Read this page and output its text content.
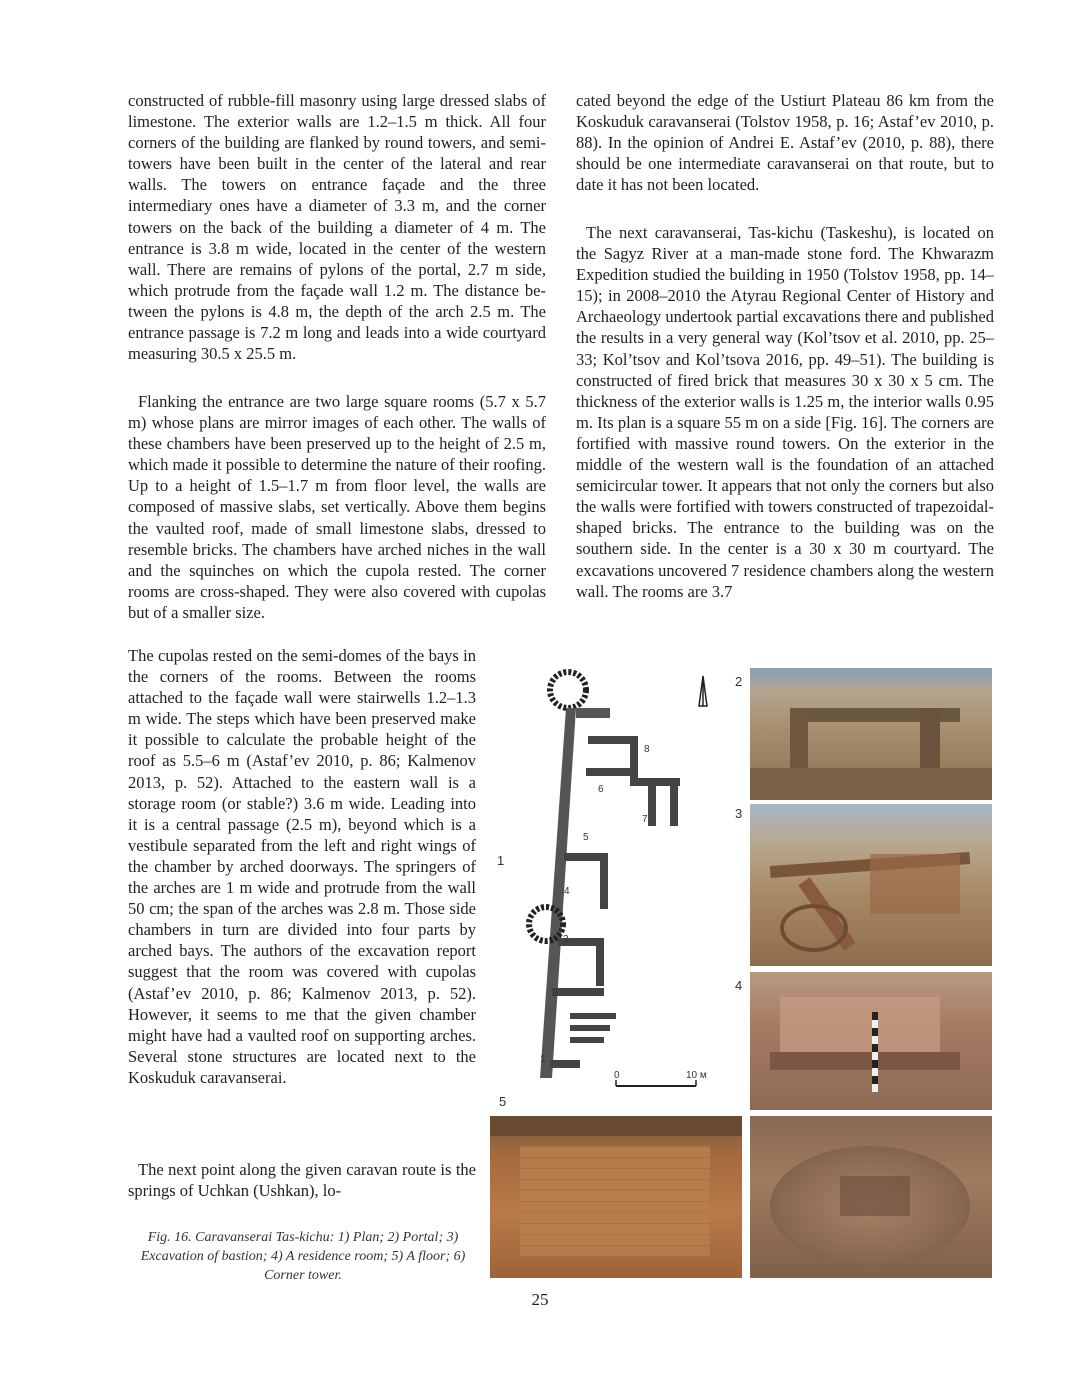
constructed of rubble-fill masonry using large dressed slabs of limestone. The exterior walls are 1.2–1.5 m thick. All four corners of the building are flanked by round towers, and semi-towers have been built in the center of the lateral and rear walls. The towers on entrance façade and the three intermediary ones have a diameter of 3.3 m, and the corner towers on the back of the building a diameter of 4 m. The entrance is 3.8 m wide, located in the center of the western wall. There are remains of pylons of the portal, 2.7 m side, which protrude from the façade wall 1.2 m. The distance between the pylons is 4.8 m, the depth of the arch 2.5 m. The entrance passage is 7.2 m long and leads into a wide courtyard measuring 30.5 x 25.5 m.

Flanking the entrance are two large square rooms (5.7 x 5.7 m) whose plans are mirror images of each other. The walls of these chambers have been preserved up to the height of 2.5 m, which made it possible to determine the nature of their roofing. Up to a height of 1.5–1.7 m from floor level, the walls are composed of massive slabs, set vertically. Above them begins the vaulted roof, made of small limestone slabs, dressed to resemble bricks. The chambers have arched niches in the wall and the squinches on which the cupola rested. The corner rooms are cross-shaped. They were also covered with cupolas but of a smaller size.

The cupolas rested on the semi-domes of the bays in the corners of the rooms. Between the rooms attached to the façade wall were stairwells 1.2–1.3 m wide. The steps which have been preserved make it possible to calculate the probable height of the roof as 5.5–6 m (Astaf’ev 2010, p. 86; Kalmenov 2013, p. 52). Attached to the eastern wall is a storage room (or stable?) 3.6 m wide. Leading into it is a central passage (2.5 m), beyond which is a vestibule separated from the left and right wings of the chamber by arched doorways. The springers of the arches are 1 m wide and protrude from the wall 50 cm; the span of the arches was 2.8 m. Those side chambers in turn are divided into four parts by arched bays. The authors of the excavation report suggest that the room was covered with cupolas (Astaf’ev 2010, p. 86; Kalmenov 2013, p. 52). However, it seems to me that the given chamber might have had a vaulted roof on supporting arches. Several stone structures are located next to the Koskuduk caravanserai.

The next point along the given caravan route is the springs of Uchkan (Ushkan), lo-

cated beyond the edge of the Ustiurt Plateau 86 km from the Koskuduk caravanserai (Tolstov 1958, p. 16; Astaf’ev 2010, p. 88). In the opinion of Andrei E. Astaf’ev (2010, p. 88), there should be one intermediate caravanserai on that route, but to date it has not been located.

The next caravanserai, Tas-kichu (Taskeshu), is located on the Sagyz River at a man-made stone ford. The Khwarazm Expedition studied the building in 1950 (Tolstov 1958, pp. 14–15); in 2008–2010 the Atyrau Regional Center of History and Archaeology undertook partial excavations there and published the results in a very general way (Kol’tsov et al. 2010, pp. 25–33; Kol’tsov and Kol’tsova 2016, pp. 49–51). The building is constructed of fired brick that measures 30 x 30 x 5 cm. The thickness of the exterior walls is 1.25 m, the interior walls 0.95 m. Its plan is a square 55 m on a side [Fig. 16]. The corners are fortified with massive round towers. On the exterior in the middle of the western wall is the foundation of an attached semicircular tower. It appears that not only the corners but also the walls were fortified with towers constructed of trapezoidal-shaped bricks. The entrance to the building was on the southern side. In the center is a 30 x 30 m courtyard. The excavations uncovered 7 residence chambers along the western wall. The rooms are 3.7

1
2
3
4
5
8
6
7
5
4
3
2
1
0	10 м

Fig. 16. Caravanserai Tas-kichu: 1) Plan; 2) Portal; 3) Excavation of bastion; 4) A residence room; 5) A floor; 6) Corner tower.

25
